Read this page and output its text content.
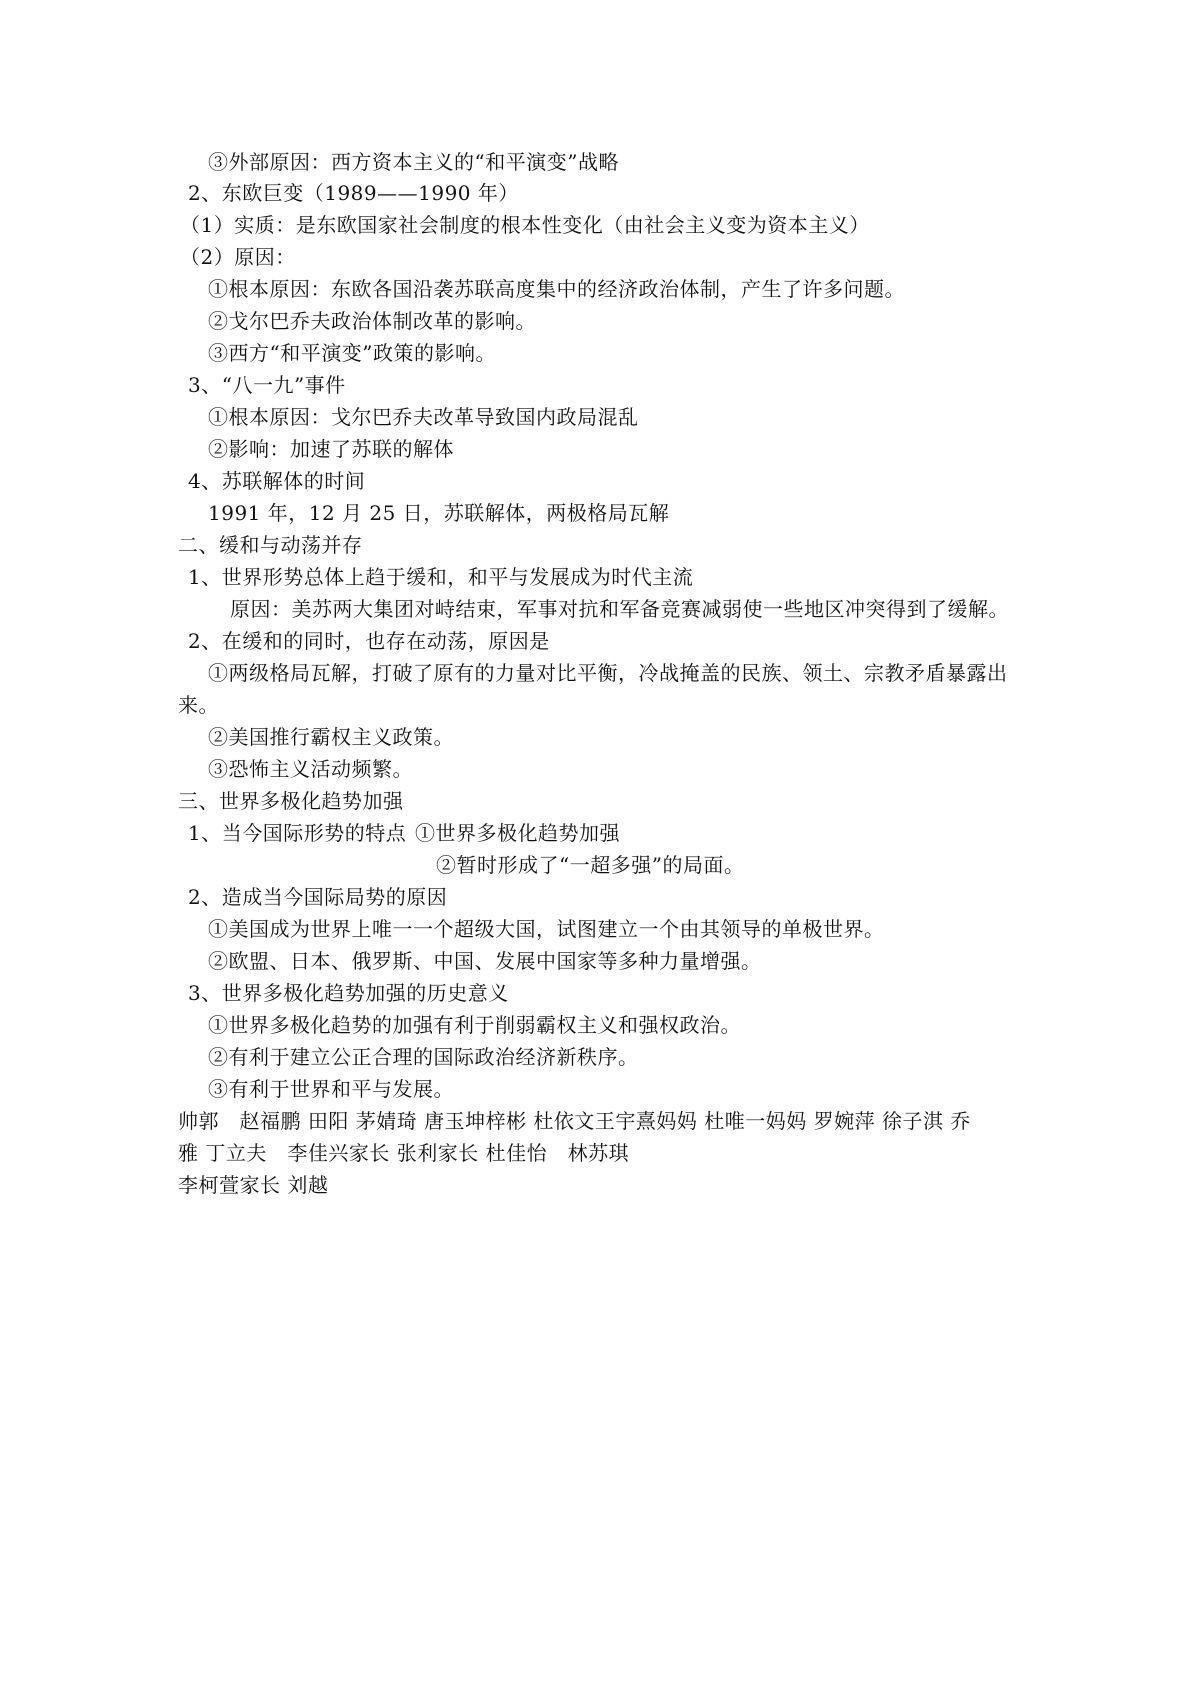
③外部原因：西方资本主义的“和平演变”战略
2、东欧巨变（1989——1990 年）
（1）实质：是东欧国家社会制度的根本性变化（由社会主义变为资本主义）
（2）原因：
①根本原因：东欧各国沿袭苏联高度集中的经济政治体制，产生了许多问题。
②戈尔巴乔夫政治体制改革的影响。
③西方“和平演变”政策的影响。
3、“八一九”事件
①根本原因：戈尔巴乔夫改革导致国内政局混乱
②影响：加速了苏联的解体
4、苏联解体的时间
1991 年，12 月 25 日，苏联解体，两极格局瓦解
二、缓和与动荡并存
1、世界形势总体上趋于缓和，和平与发展成为时代主流
原因：美苏两大集团对峙结束，军事对抗和军备竞赛减弱使一些地区冲突得到了缓解。
2、在缓和的同时，也存在动荡，原因是
①两级格局瓦解，打破了原有的力量对比平衡，冷战掩盖的民族、领土、宗教矛盾暴露出
来。
②美国推行霸权主义政策。
③恐怖主义活动频繁。
三、世界多极化趋势加强
1、当今国际形势的特点 ①世界多极化趋势加强
②暂时形成了“一超多强”的局面。
2、造成当今国际局势的原因
①美国成为世界上唯一一个超级大国，试图建立一个由其领导的单极世界。
②欧盟、日本、俄罗斯、中国、发展中国家等多种力量增强。
3、世界多极化趋势加强的历史意义
①世界多极化趋势的加强有利于削弱霸权主义和强权政治。
②有利于建立公正合理的国际政治经济新秩序。
③有利于世界和平与发展。
帅郭　赵福鹏 田阳 茅婧琦 唐玉坤梓彬 杜依文王宇熹妈妈 杜唯一妈妈 罗婉萍 徐子淇 乔
雅 丁立夫　李佳兴家长 张利家长 杜佳怡　林苏琪
李柯萱家长 刘越
